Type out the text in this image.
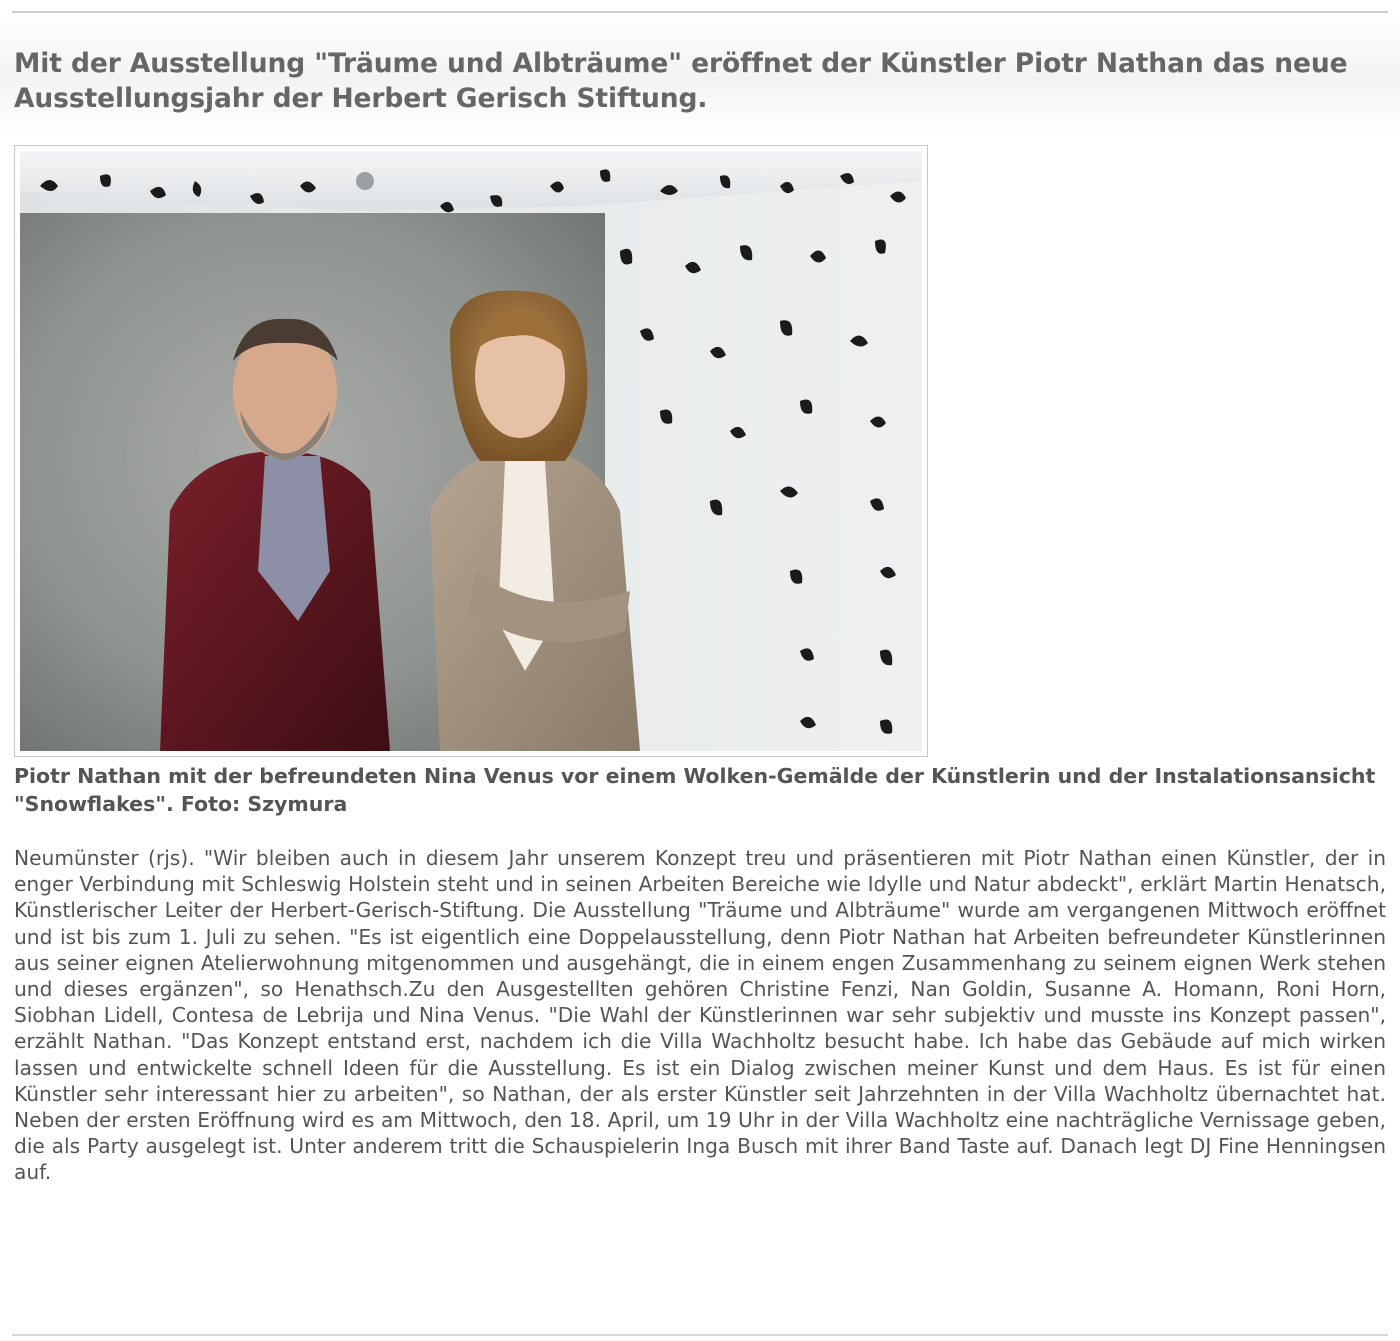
Mit der Ausstellung "Träume und Albträume" eröffnet der Künstler Piotr Nathan das neue Ausstellungsjahr der Herbert Gerisch Stiftung.

Piotr Nathan mit der befreundeten Nina Venus vor einem Wolken-Gemälde der Künstlerin und der Instalationsansicht "Snowflakes". Foto: Szymura

Neumünster (rjs). "Wir bleiben auch in diesem Jahr unserem Konzept treu und präsentieren mit Piotr Nathan einen Künstler, der in enger Verbindung mit Schleswig Holstein steht und in seinen Arbeiten Bereiche wie Idylle und Natur abdeckt", erklärt Martin Henatsch, Künstlerischer Leiter der Herbert-Gerisch-Stiftung. Die Ausstellung "Träume und Albträume" wurde am vergangenen Mittwoch eröffnet und ist bis zum 1. Juli zu sehen. "Es ist eigentlich eine Doppelausstellung, denn Piotr Nathan hat Arbeiten befreundeter Künstlerinnen aus seiner eignen Atelierwohnung mitgenommen und ausgehängt, die in einem engen Zusammenhang zu seinem eignen Werk stehen und dieses ergänzen", so Henathsch.Zu den Ausgestellten gehören Christine Fenzi, Nan Goldin, Susanne A. Homann, Roni Horn, Siobhan Lidell, Contesa de Lebrija und Nina Venus. "Die Wahl der Künstlerinnen war sehr subjektiv und musste ins Konzept passen", erzählt Nathan. "Das Konzept entstand erst, nachdem ich die Villa Wachholtz besucht habe. Ich habe das Gebäude auf mich wirken lassen und entwickelte schnell Ideen für die Ausstellung. Es ist ein Dialog zwischen meiner Kunst und dem Haus. Es ist für einen Künstler sehr interessant hier zu arbeiten", so Nathan, der als erster Künstler seit Jahrzehnten in der Villa Wachholtz übernachtet hat. Neben der ersten Eröffnung wird es am Mittwoch, den 18. April, um 19 Uhr in der Villa Wachholtz eine nachträgliche Vernissage geben, die als Party ausgelegt ist. Unter anderem tritt die Schauspielerin Inga Busch mit ihrer Band Taste auf. Danach legt DJ Fine Henningsen auf.
